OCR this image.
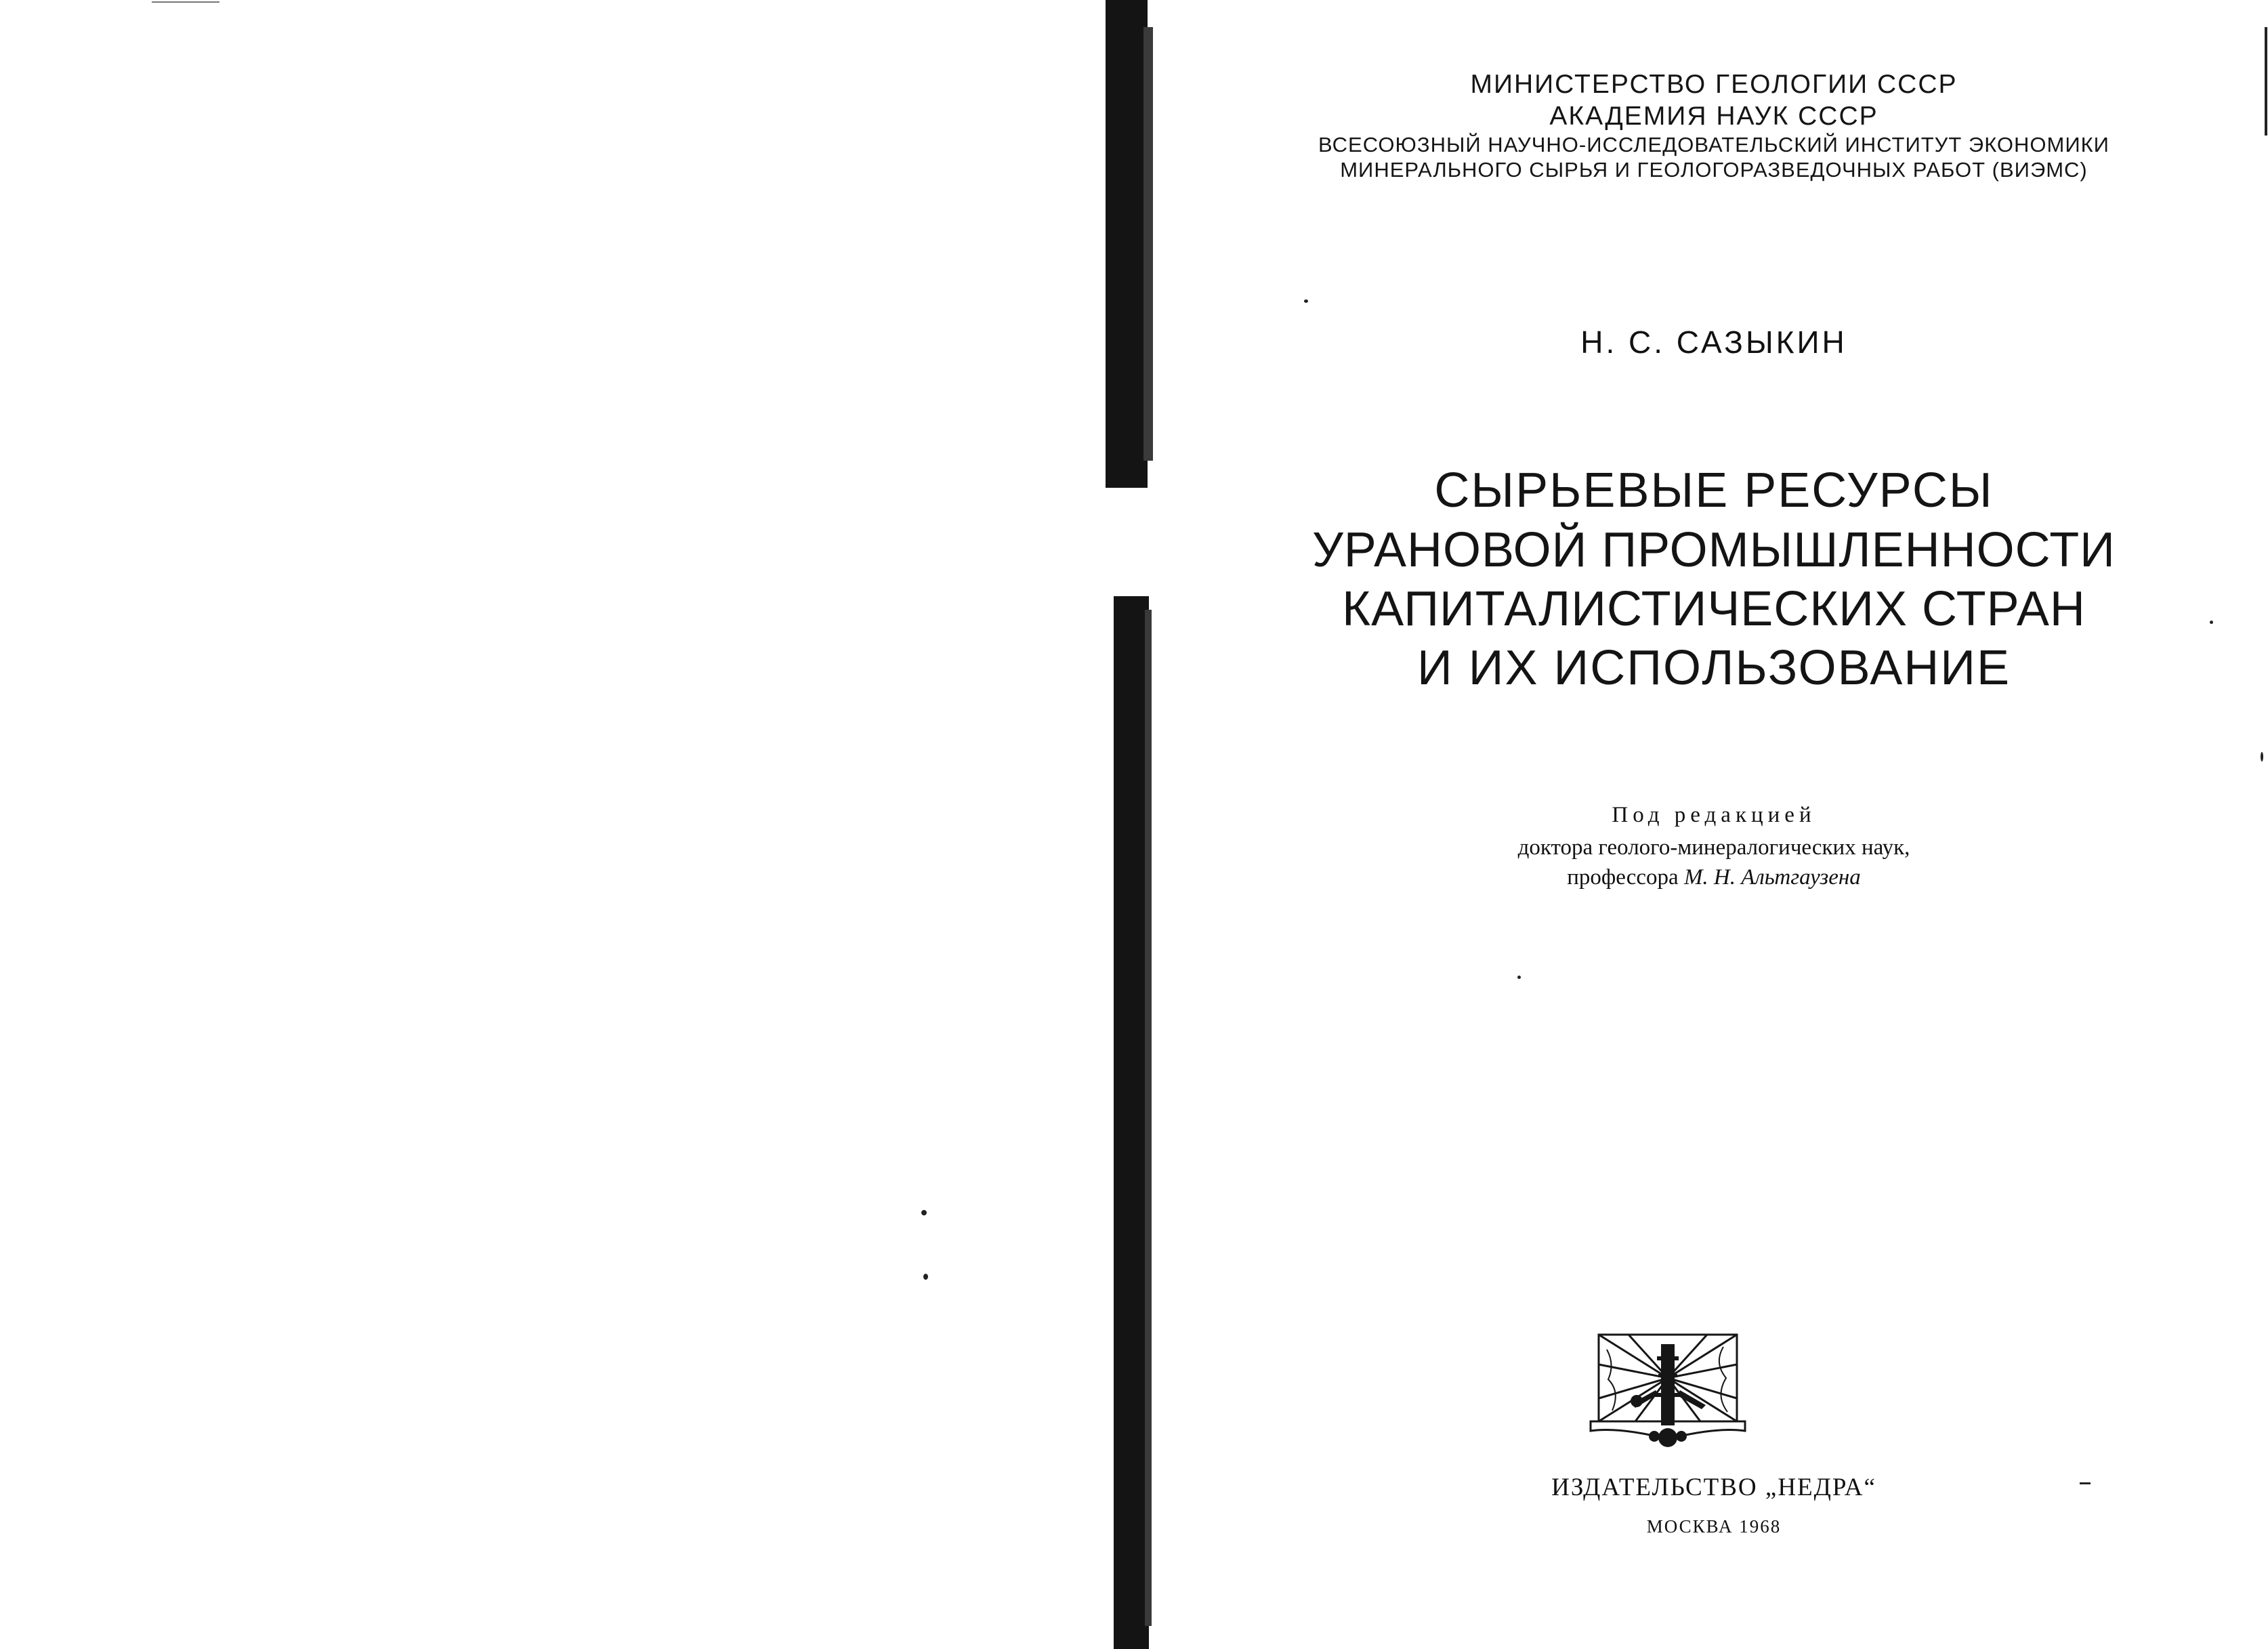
МИНИСТЕРСТВО ГЕОЛОГИИ СССР
АКАДЕМИЯ НАУК СССР
ВСЕСОЮЗНЫЙ НАУЧНО-ИССЛЕДОВАТЕЛЬСКИЙ ИНСТИТУТ ЭКОНОМИКИ
МИНЕРАЛЬНОГО СЫРЬЯ И ГЕОЛОГОРАЗВЕДОЧНЫХ РАБОТ (ВИЭМС)
Н. С. САЗЫКИН
СЫРЬЕВЫЕ РЕСУРСЫ
УРАНОВОЙ ПРОМЫШЛЕННОСТИ
КАПИТАЛИСТИЧЕСКИХ СТРАН
И ИХ ИСПОЛЬЗОВАНИЕ
Под редакцией
доктора геолого-минералогических наук,
профессора М. Н. Альтгаузена
ИЗДАТЕЛЬСТВО „НЕДРА“
МОСКВА 1968
